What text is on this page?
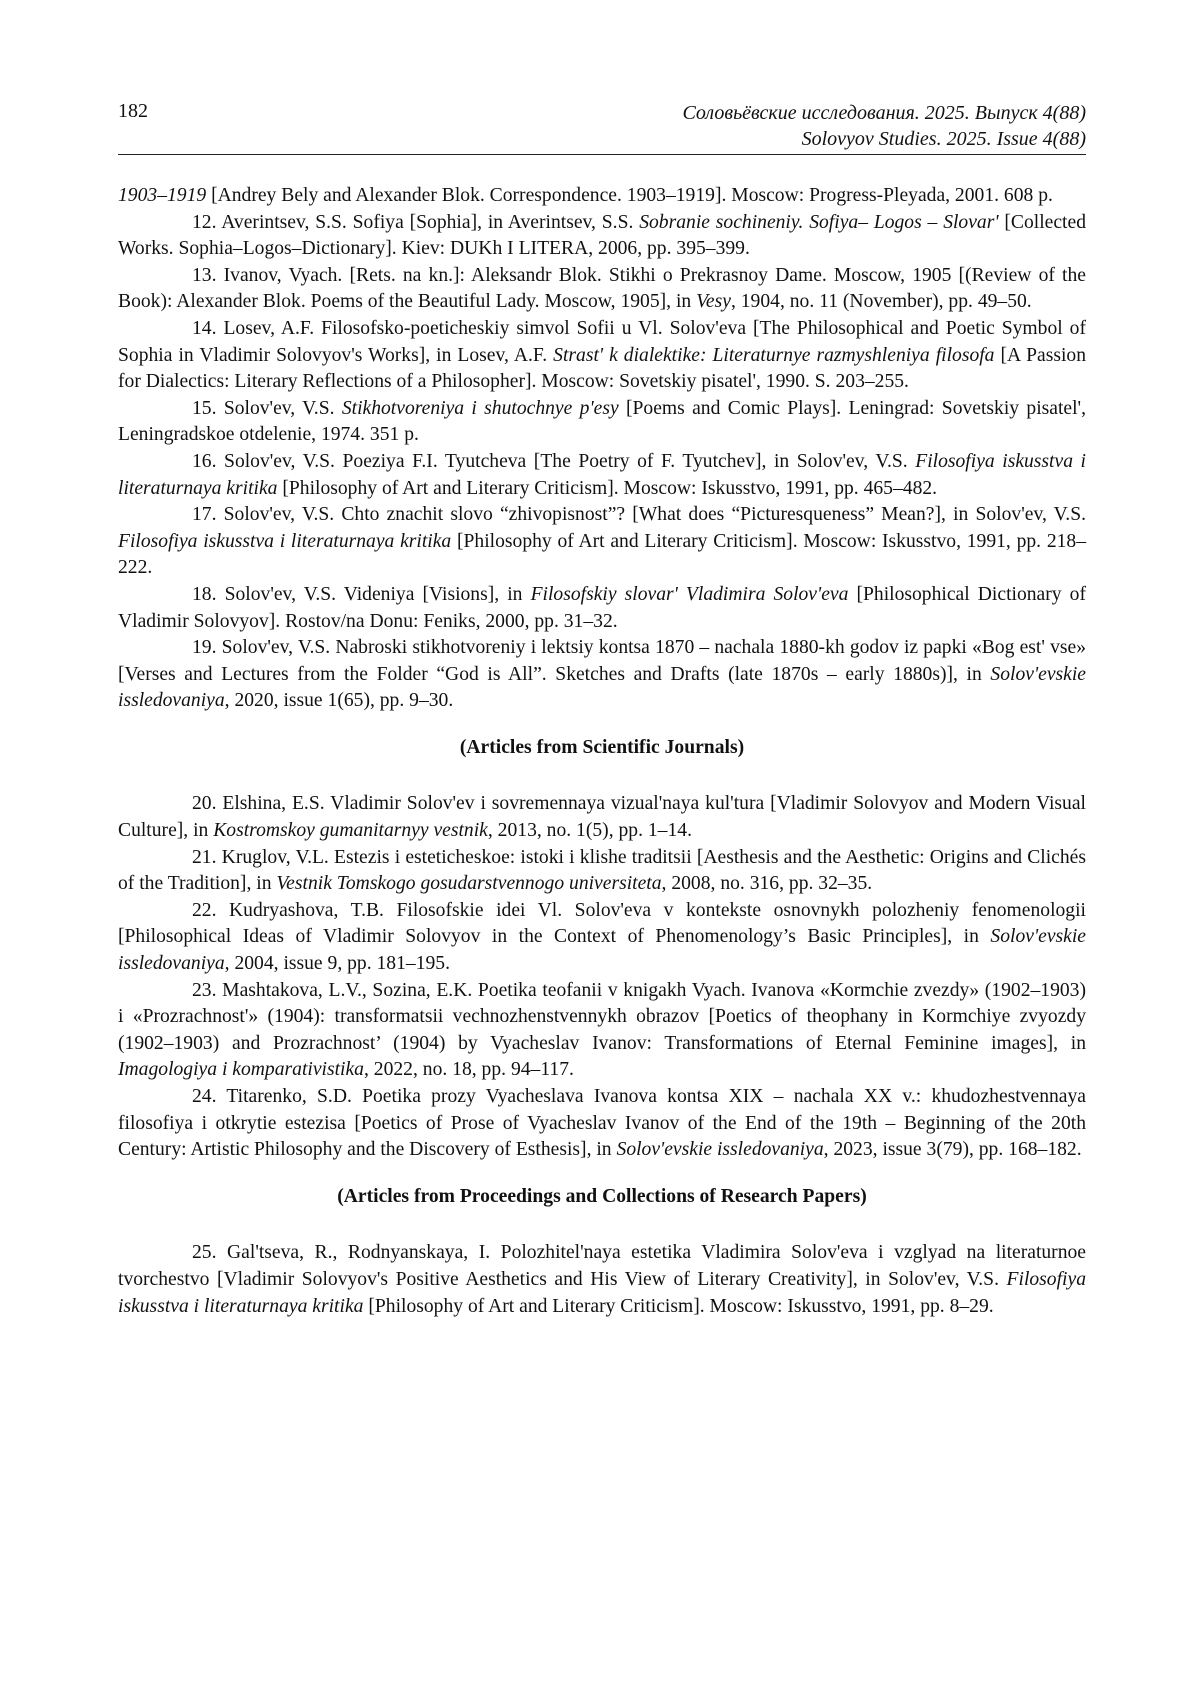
182	Соловьёвские исследования. 2025. Выпуск 4(88)
Solovyov Studies. 2025. Issue 4(88)

1903–1919 [Andrey Bely and Alexander Blok. Correspondence. 1903–1919]. Moscow: Progress-Pleyada, 2001. 608 p.

12. Averintsev, S.S. Sofiya [Sophia], in Averintsev, S.S. Sobranie sochineniy. Sofiya– Logos – Slovar' [Collected Works. Sophia–Logos–Dictionary]. Kiev: DUKh I LITERA, 2006, pp. 395–399.

13. Ivanov, Vyach. [Rets. na kn.]: Aleksandr Blok. Stikhi o Prekrasnoy Dame. Moscow, 1905 [(Review of the Book): Alexander Blok. Poems of the Beautiful Lady. Moscow, 1905], in Vesy, 1904, no. 11 (November), pp. 49–50.

14. Losev, A.F. Filosofsko-poeticheskiy simvol Sofii u Vl. Solov'eva [The Philosophical and Poetic Symbol of Sophia in Vladimir Solovyov's Works], in Losev, A.F. Strast' k dialektike: Literaturnye razmyshleniya filosofa [A Passion for Dialectics: Literary Reflections of a Philosopher]. Moscow: Sovetskiy pisatel', 1990. S. 203–255.

15. Solov'ev, V.S. Stikhotvoreniya i shutochnye p'esy [Poems and Comic Plays]. Leningrad: Sovetskiy pisatel', Leningradskoe otdelenie, 1974. 351 p.

16. Solov'ev, V.S. Poeziya F.I. Tyutcheva [The Poetry of F. Tyutchev], in Solov'ev, V.S. Filosofiya iskusstva i literaturnaya kritika [Philosophy of Art and Literary Criticism]. Moscow: Iskusstvo, 1991, pp. 465–482.

17. Solov'ev, V.S. Chto znachit slovo “zhivopisnost”? [What does “Picturesqueness” Mean?], in Solov'ev, V.S. Filosofiya iskusstva i literaturnaya kritika [Philosophy of Art and Literary Criticism]. Moscow: Iskusstvo, 1991, pp. 218–222.

18. Solov'ev, V.S. Videniya [Visions], in Filosofskiy slovar' Vladimira Solov'eva [Philosophical Dictionary of Vladimir Solovyov]. Rostov/na Donu: Feniks, 2000, pp. 31–32.

19. Solov'ev, V.S. Nabroski stikhotvoreniy i lektsiy kontsa 1870 – nachala 1880-kh godov iz papki «Bog est' vse» [Verses and Lectures from the Folder “God is All”. Sketches and Drafts (late 1870s – early 1880s)], in Solov'evskie issledovaniya, 2020, issue 1(65), pp. 9–30.

(Articles from Scientific Journals)

20. Elshina, E.S. Vladimir Solov'ev i sovremennaya vizual'naya kul'tura [Vladimir Solovyov and Modern Visual Culture], in Kostromskoy gumanitarnyy vestnik, 2013, no. 1(5), pp. 1–14.

21. Kruglov, V.L. Estezis i esteticheskoe: istoki i klishe traditsii [Aesthesis and the Aesthetic: Origins and Clichés of the Tradition], in Vestnik Tomskogo gosudarstvennogo universiteta, 2008, no. 316, pp. 32–35.

22. Kudryashova, T.B. Filosofskie idei Vl. Solov'eva v kontekste osnovnykh polozheniy fenomenologii [Philosophical Ideas of Vladimir Solovyov in the Context of Phenomenology’s Basic Principles], in Solov'evskie issledovaniya, 2004, issue 9, pp. 181–195.

23. Mashtakova, L.V., Sozina, E.K. Poetika teofanii v knigakh Vyach. Ivanova «Kormchie zvezdy» (1902–1903) i «Prozrachnost'» (1904): transformatsii vechnozhenstvennykh obrazov [Poetics of theophany in Kormchiye zvyozdy (1902–1903) and Prozrachnost’ (1904) by Vyacheslav Ivanov: Transformations of Eternal Feminine images], in Imagologiya i komparativistika, 2022, no. 18, pp. 94–117.

24. Titarenko, S.D. Poetika prozy Vyacheslava Ivanova kontsa XIX – nachala XX v.: khudozhestvennaya filosofiya i otkrytie estezisa [Poetics of Prose of Vyacheslav Ivanov of the End of the 19th – Beginning of the 20th Century: Artistic Philosophy and the Discovery of Esthesis], in Solov'evskie issledovaniya, 2023, issue 3(79), pp. 168–182.

(Articles from Proceedings and Collections of Research Papers)

25. Gal'tseva, R., Rodnyanskaya, I. Polozhitel'naya estetika Vladimira Solov'eva i vzglyad na literaturnoe tvorchestvo [Vladimir Solovyov's Positive Aesthetics and His View of Literary Creativity], in Solov'ev, V.S. Filosofiya iskusstva i literaturnaya kritika [Philosophy of Art and Literary Criticism]. Moscow: Iskusstvo, 1991, pp. 8–29.
